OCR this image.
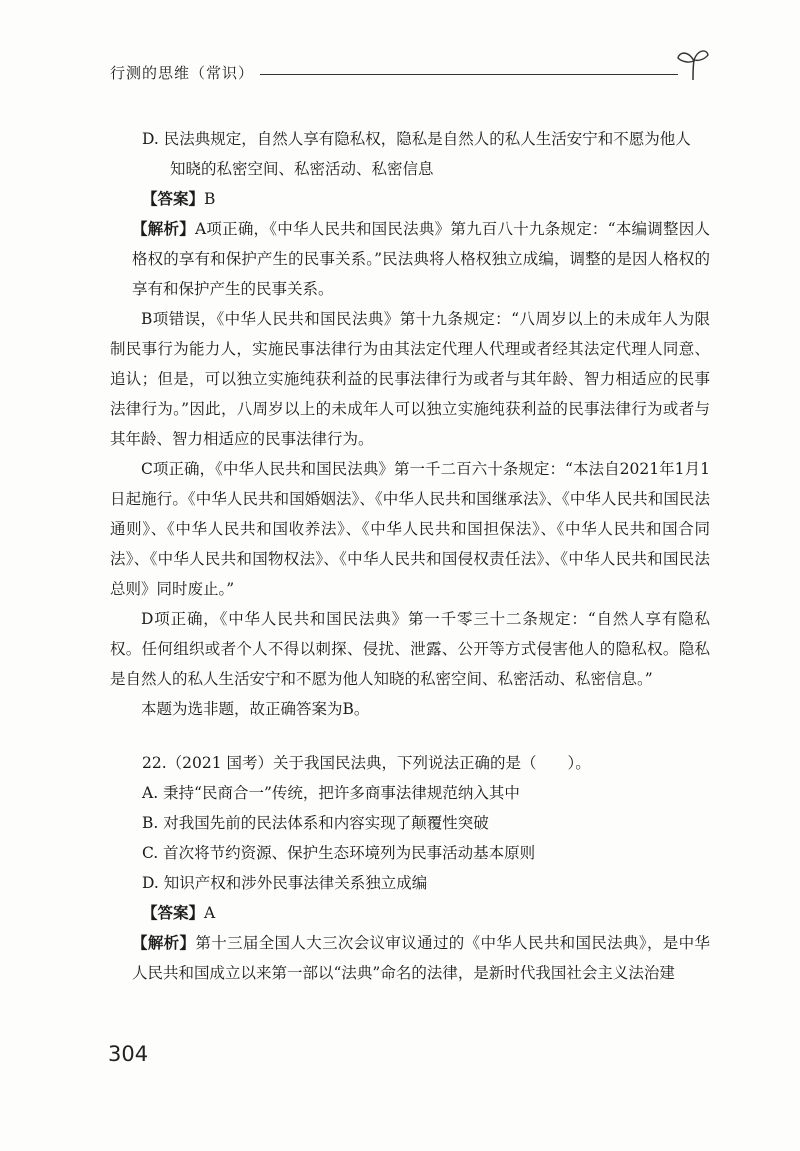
行测的思维（常识）

D. 民法典规定，自然人享有隐私权，隐私是自然人的私人生活安宁和不愿为他人

知晓的私密空间、私密活动、私密信息

【答案】B

【解析】A项正确，《中华人民共和国民法典》第九百八十九条规定：“本编调整因人格权的享有和保护产生的民事关系。”民法典将人格权独立成编，调整的是因人格权的享有和保护产生的民事关系。

B项错误，《中华人民共和国民法典》第十九条规定：“八周岁以上的未成年人为限制民事行为能力人，实施民事法律行为由其法定代理人代理或者经其法定代理人同意、追认；但是，可以独立实施纯获利益的民事法律行为或者与其年龄、智力相适应的民事法律行为。”因此，八周岁以上的未成年人可以独立实施纯获利益的民事法律行为或者与其年龄、智力相适应的民事法律行为。

C项正确，《中华人民共和国民法典》第一千二百六十条规定：“本法自2021年1月1日起施行。《中华人民共和国婚姻法》、《中华人民共和国继承法》、《中华人民共和国民法通则》、《中华人民共和国收养法》、《中华人民共和国担保法》、《中华人民共和国合同法》、《中华人民共和国物权法》、《中华人民共和国侵权责任法》、《中华人民共和国民法总则》同时废止。”

D项正确，《中华人民共和国民法典》第一千零三十二条规定：“自然人享有隐私权。任何组织或者个人不得以刺探、侵扰、泄露、公开等方式侵害他人的隐私权。隐私是自然人的私人生活安宁和不愿为他人知晓的私密空间、私密活动、私密信息。”

本题为选非题，故正确答案为B。

22.（2021 国考）关于我国民法典，下列说法正确的是（　　）。

A. 秉持“民商合一”传统，把许多商事法律规范纳入其中

B. 对我国先前的民法体系和内容实现了颠覆性突破

C. 首次将节约资源、保护生态环境列为民事活动基本原则

D. 知识产权和涉外民事法律关系独立成编

【答案】A

【解析】第十三届全国人大三次会议审议通过的《中华人民共和国民法典》，是中华人民共和国成立以来第一部以“法典”命名的法律，是新时代我国社会主义法治建

304
